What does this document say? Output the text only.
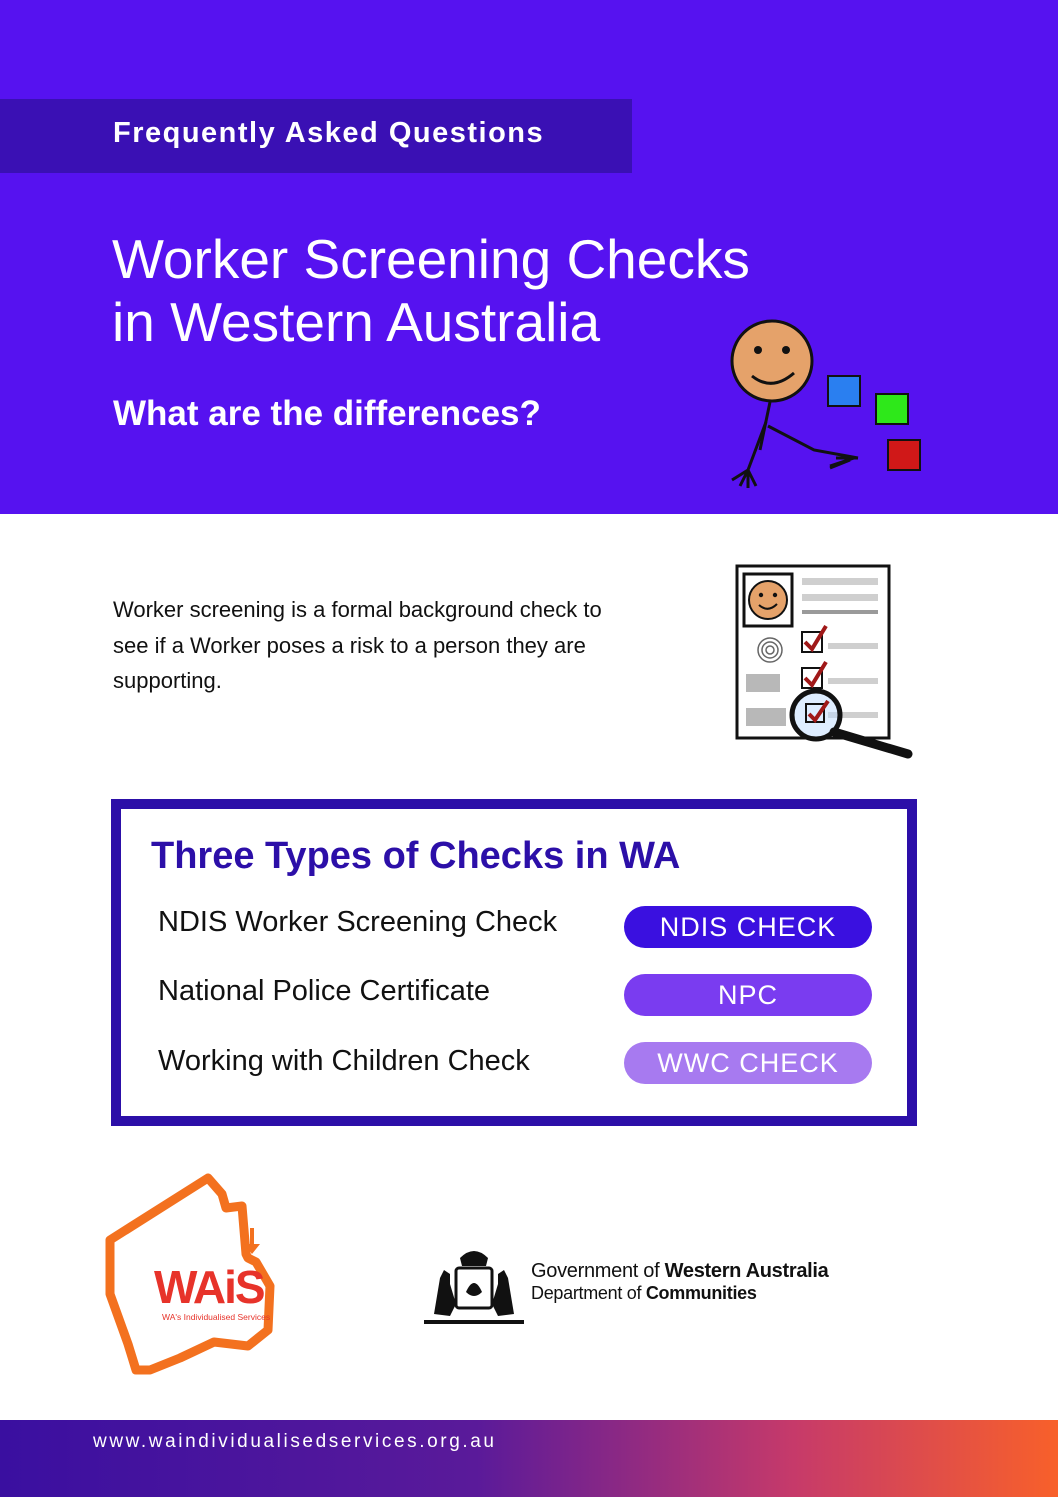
Frequently Asked Questions
Worker Screening Checks
in Western Australia
What are the differences?
Worker screening is a formal background check to see if a Worker poses a risk to a person they are supporting.
Three Types of Checks in WA
NDIS Worker Screening Check	NDIS CHECK
National Police Certificate	NPC
Working with Children Check	WWC CHECK
WAiS
WA's Individualised Services
Government of Western Australia
Department of Communities
www.waindividualisedservices.org.au
